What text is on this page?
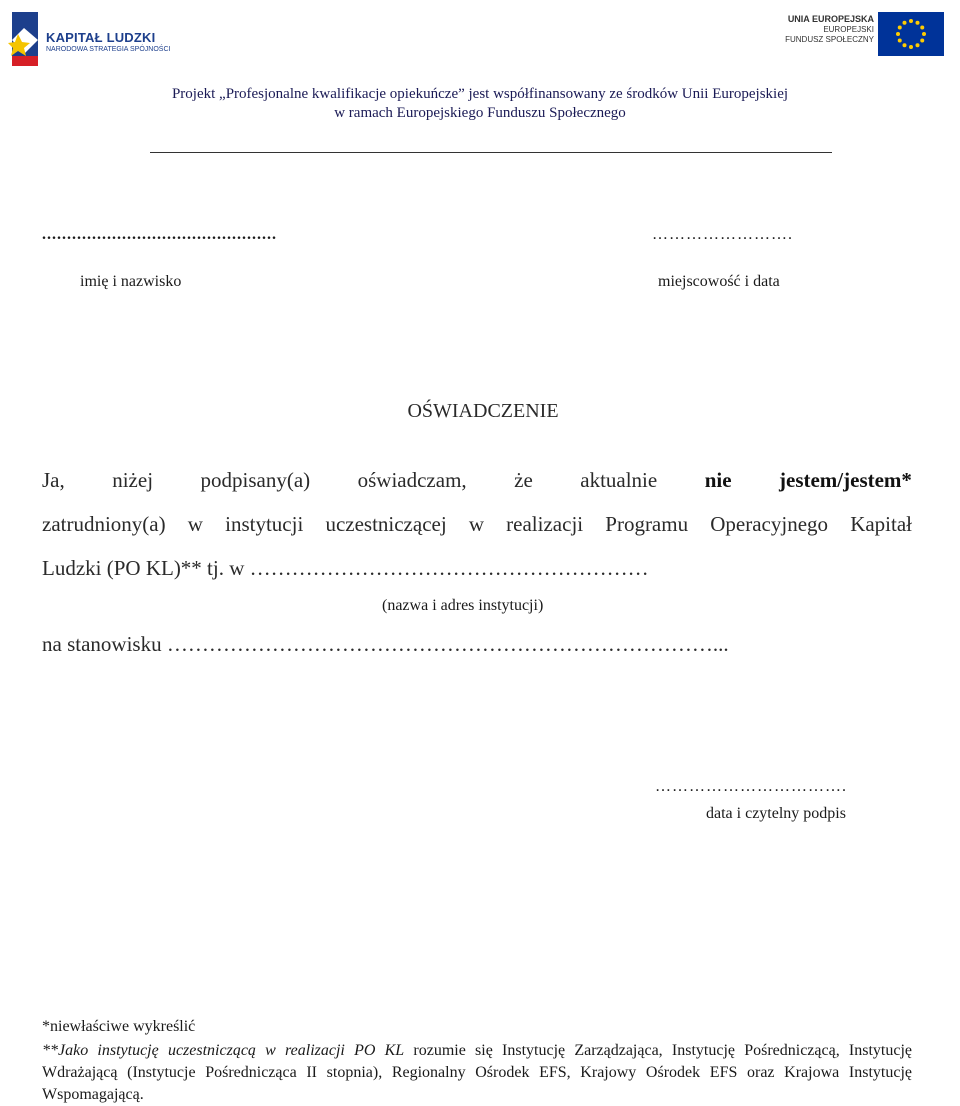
KAPITAŁ LUDZKI
NARODOWA STRATEGIA SPÓJNOŚCI
UNIA EUROPEJSKA
EUROPEJSKI
FUNDUSZ SPOŁECZNY
Projekt „Profesjonalne kwalifikacje opiekuńcze” jest współfinansowany ze środków Unii Europejskiej
w ramach Europejskiego Funduszu Społecznego
...............................................	…………………….
imię i nazwisko	miejscowość i data
OŚWIADCZENIE
Ja, niżej podpisany(a) oświadczam, że aktualnie nie jestem/jestem*
zatrudniony(a) w instytucji uczestniczącej w realizacji Programu Operacyjnego Kapitał
Ludzki (PO KL)** tj. w …………………………………………………
(nazwa i adres instytucji)
na stanowisku ……………………………………………………………………...
…………………………….
data i czytelny podpis
*niewłaściwe wykreślić
**Jako instytucję uczestniczącą w realizacji PO KL rozumie się Instytucję Zarządzająca, Instytucję Pośredniczącą, Instytucję Wdrażającą (Instytucje Pośrednicząca II stopnia), Regionalny Ośrodek EFS, Krajowy Ośrodek EFS oraz Krajowa Instytucję Wspomagającą.
